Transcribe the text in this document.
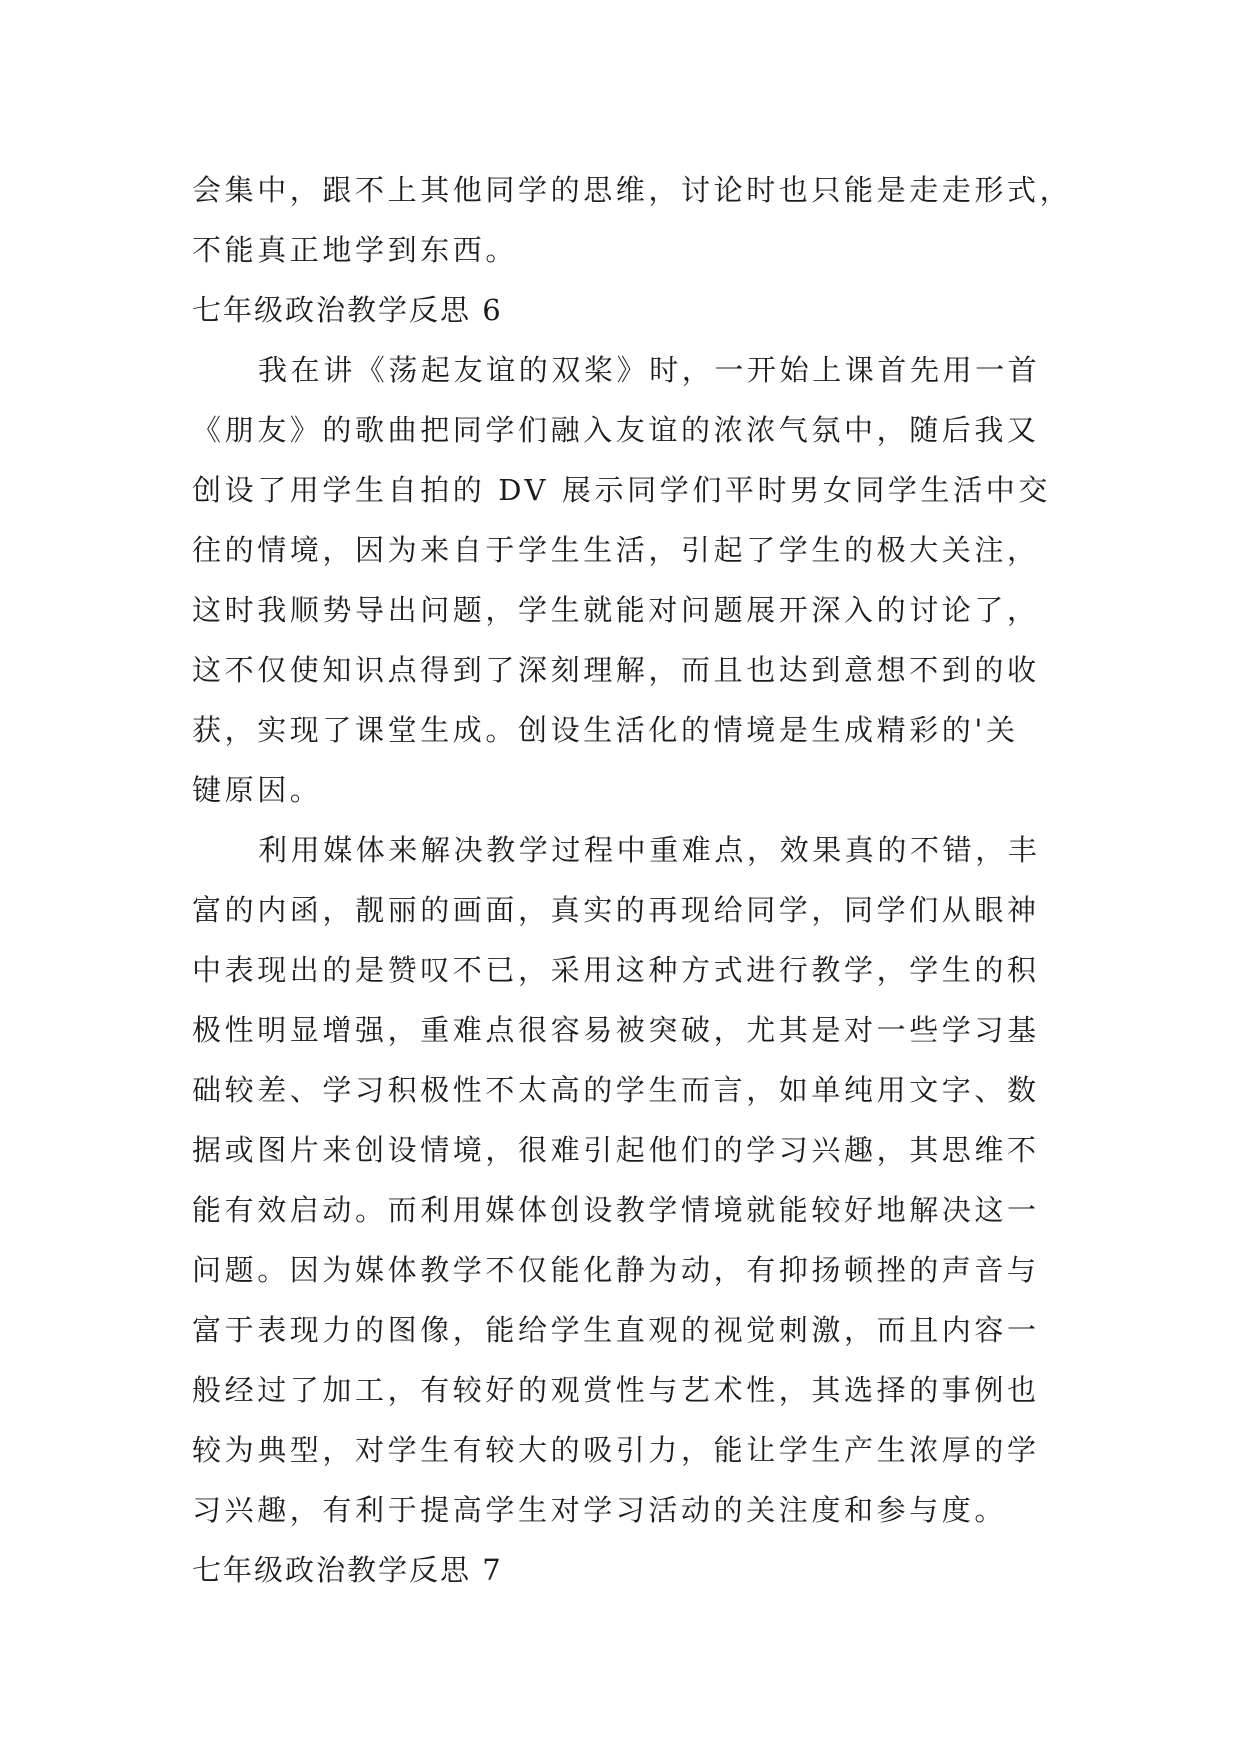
会集中，跟不上其他同学的思维，讨论时也只能是走走形式，
不能真正地学到东西。
七年级政治教学反思 6
我在讲《荡起友谊的双桨》时，一开始上课首先用一首
《朋友》的歌曲把同学们融入友谊的浓浓气氛中，随后我又
创设了用学生自拍的 DV 展示同学们平时男女同学生活中交
往的情境，因为来自于学生生活，引起了学生的极大关注，
这时我顺势导出问题，学生就能对问题展开深入的讨论了，
这不仅使知识点得到了深刻理解，而且也达到意想不到的收
获，实现了课堂生成。创设生活化的情境是生成精彩的'关
键原因。
利用媒体来解决教学过程中重难点，效果真的不错，丰
富的内函，靓丽的画面，真实的再现给同学，同学们从眼神
中表现出的是赞叹不已，采用这种方式进行教学，学生的积
极性明显增强，重难点很容易被突破，尤其是对一些学习基
础较差、学习积极性不太高的学生而言，如单纯用文字、数
据或图片来创设情境，很难引起他们的学习兴趣，其思维不
能有效启动。而利用媒体创设教学情境就能较好地解决这一
问题。因为媒体教学不仅能化静为动，有抑扬顿挫的声音与
富于表现力的图像，能给学生直观的视觉刺激，而且内容一
般经过了加工，有较好的观赏性与艺术性，其选择的事例也
较为典型，对学生有较大的吸引力，能让学生产生浓厚的学
习兴趣，有利于提高学生对学习活动的关注度和参与度。
七年级政治教学反思 7
